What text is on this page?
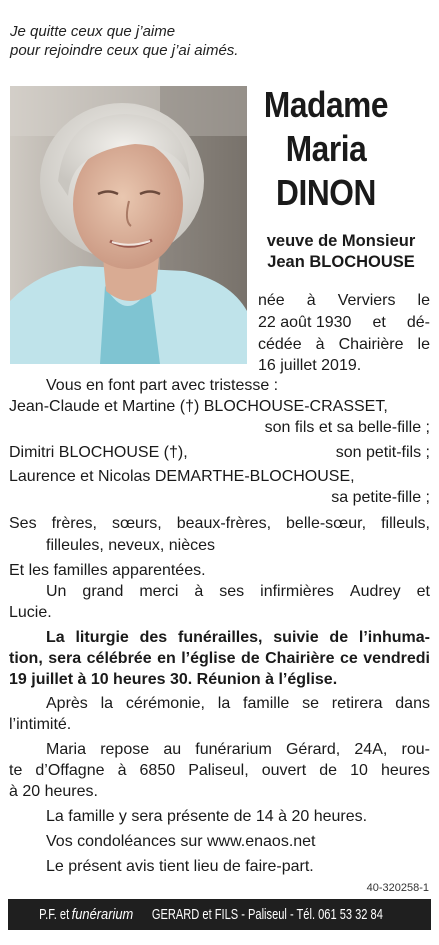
Je quitte ceux que j’aime
pour rejoindre ceux que j’ai aimés.
Madame
Maria
DINON
veuve de Monsieur
Jean BLOCHOUSE
née à Verviers le
22 août 1930 et dé-
cédée à Chairière le
16 juillet 2019.
Vous en font part avec tristesse :
Jean-Claude et Martine (†) BLOCHOUSE-CRASSET,
son fils et sa belle-fille ;
Dimitri BLOCHOUSE (†),	son petit-fils ;
Laurence et Nicolas DEMARTHE-BLOCHOUSE,
sa petite-fille ;
Ses frères, sœurs, beaux-frères, belle-sœur, filleuls,
filleules, neveux, nièces
Et les familles apparentées.
Un grand merci à ses infirmières Audrey et
Lucie.
La liturgie des funérailles, suivie de l’inhuma-
tion, sera célébrée en l’église de Chairière ce vendredi
19 juillet à 10 heures 30. Réunion à l’église.
Après la cérémonie, la famille se retirera dans
l’intimité.
Maria repose au funérarium Gérard, 24A, rou-
te d’Offagne à 6850 Paliseul, ouvert de 10 heures
à 20 heures.
La famille y sera présente de 14 à 20 heures.
Vos condoléances sur www.enaos.net
Le présent avis tient lieu de faire-part.
40-320258-1
P.F. etfunérariumGERARD et FILS - Paliseul - Tél. 061 53 32 84
